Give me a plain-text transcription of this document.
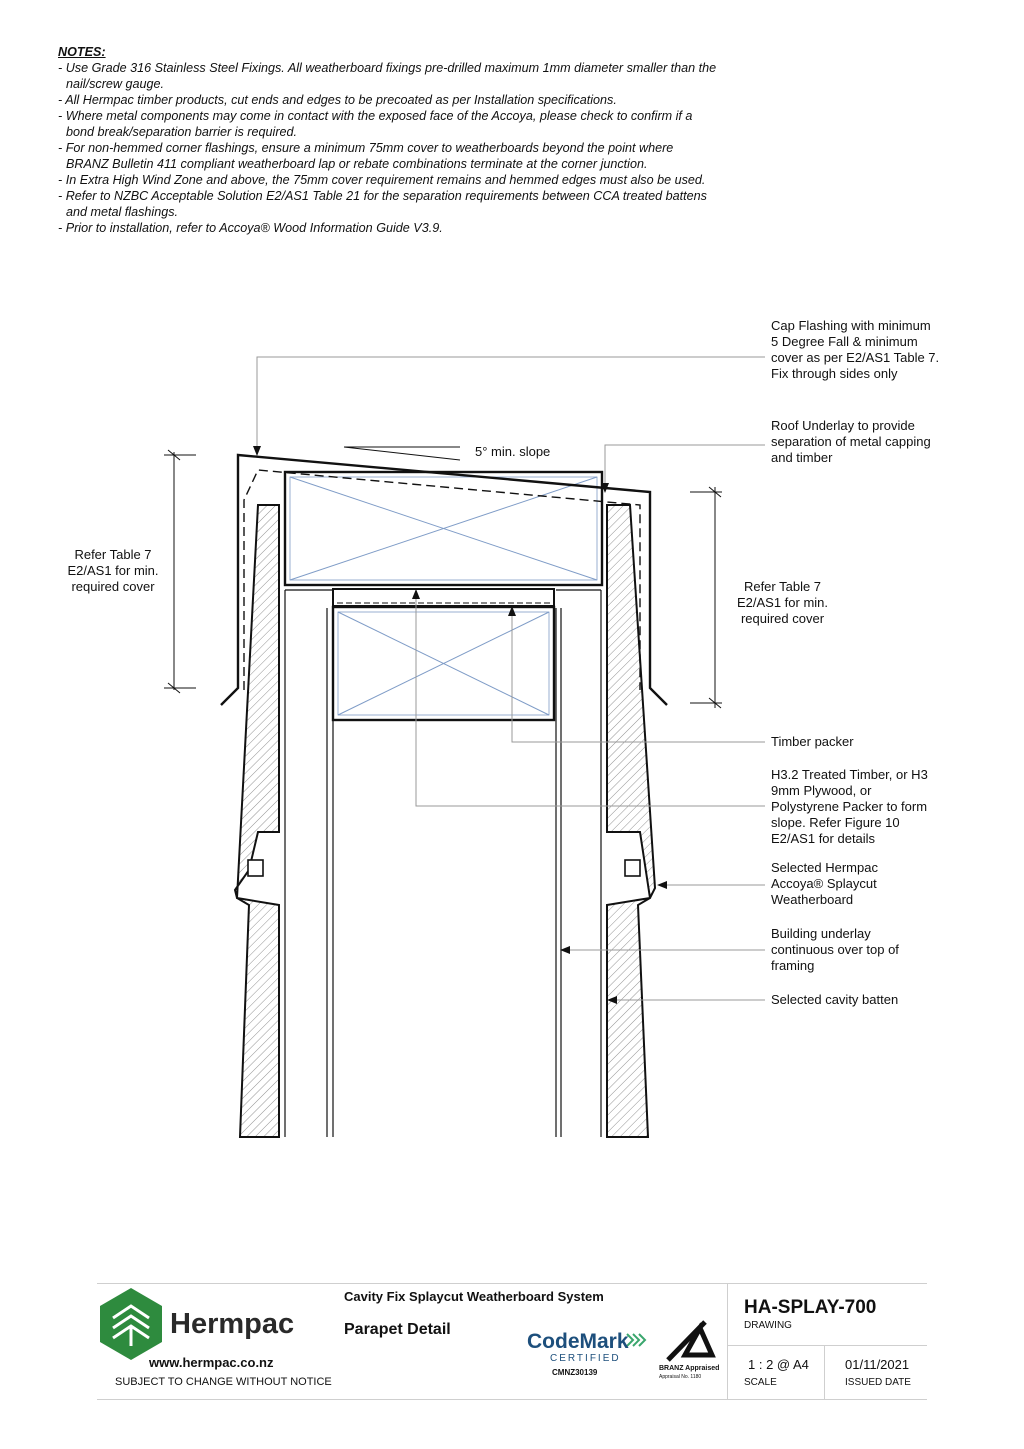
NOTES:

- Use Grade 316 Stainless Steel Fixings. All weatherboard fixings pre-drilled maximum 1mm diameter smaller than the nail/screw gauge.

- All Hermpac timber products, cut ends and edges to be precoated as per Installation specifications.

- Where metal components may come in contact with the exposed face of the Accoya, please check to confirm if a bond break/separation barrier is required.

- For non-hemmed corner flashings, ensure a minimum 75mm cover to weatherboards beyond the point where BRANZ Bulletin 411 compliant weatherboard lap or rebate combinations terminate at the corner junction.

- In Extra High Wind Zone and above, the 75mm cover requirement remains and hemmed edges must also be used.

- Refer to NZBC Acceptable Solution E2/AS1 Table 21 for the separation requirements between CCA treated battens and metal flashings.

- Prior to installation, refer to Accoya® Wood Information Guide V3.9.

Cap Flashing with minimum 5 Degree Fall & minimum cover as per E2/AS1 Table 7. Fix through sides only
Roof Underlay to provide separation of metal capping and timber
5° min. slope
Refer Table 7 E2/AS1 for min. required cover	Refer Table 7 E2/AS1 for min. required cover
Timber packer
H3.2 Treated Timber, or H3 9mm Plywood, or Polystyrene Packer to form slope. Refer Figure 10 E2/AS1 for details
Selected Hermpac Accoya® Splaycut Weatherboard
Building underlay continuous over top of framing
Selected cavity batten
Hermpac
www.hermpac.co.nz
SUBJECT TO CHANGE WITHOUT NOTICE
Cavity Fix Splaycut Weatherboard System
Parapet Detail
CodeMark
CERTIFIED
CMNZ30139	BRANZ Appraised
Appraisal No. 1180
HA-SPLAY-700
DRAWING
1 : 2 @ A4
SCALE
01/11/2021
ISSUED DATE
